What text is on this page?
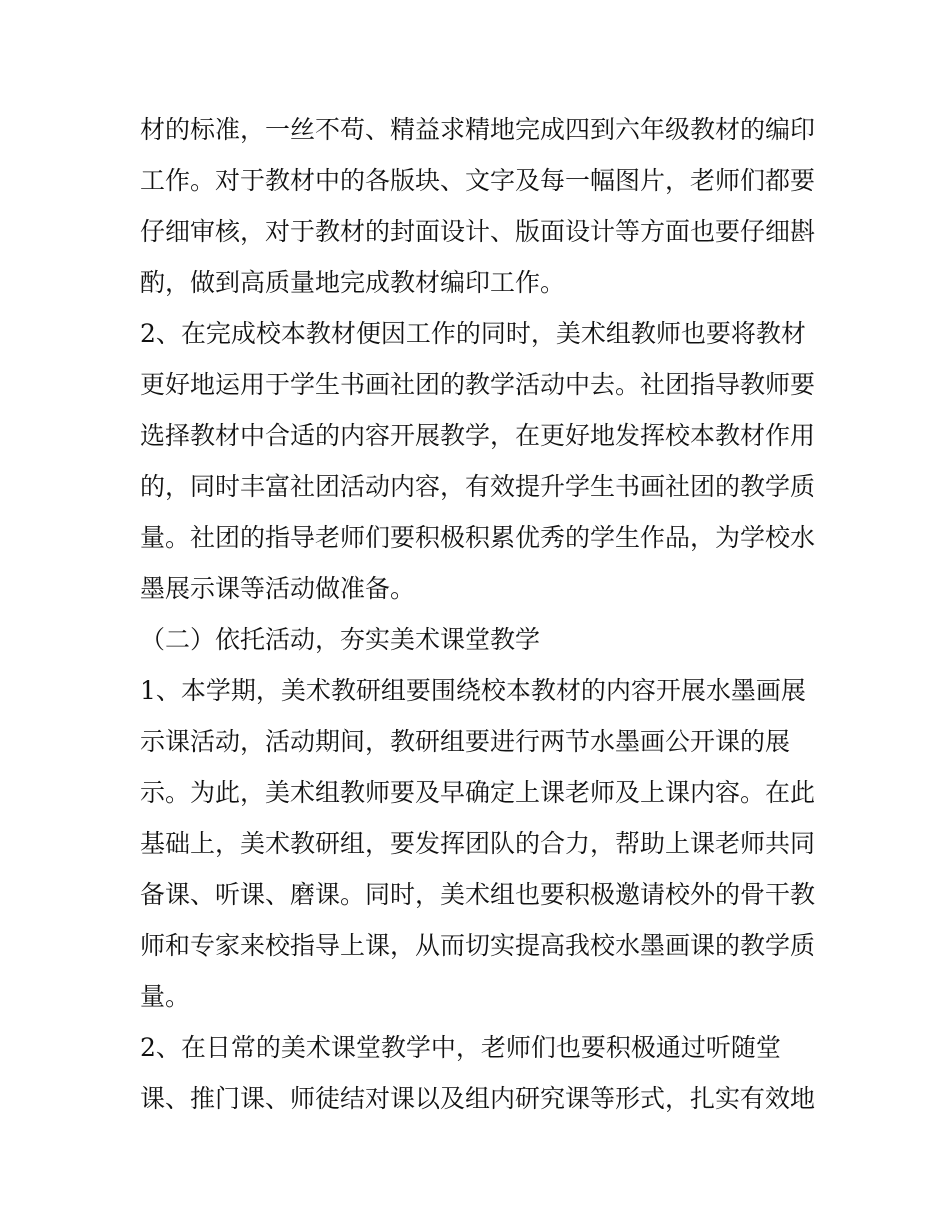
材的标准，一丝不苟、精益求精地完成四到六年级教材的编印
工作。对于教材中的各版块、文字及每一幅图片，老师们都要
仔细审核，对于教材的封面设计、版面设计等方面也要仔细斟
酌，做到高质量地完成教材编印工作。
2、在完成校本教材便因工作的同时，美术组教师也要将教材
更好地运用于学生书画社团的教学活动中去。社团指导教师要
选择教材中合适的内容开展教学，在更好地发挥校本教材作用
的，同时丰富社团活动内容，有效提升学生书画社团的教学质
量。社团的指导老师们要积极积累优秀的学生作品，为学校水
墨展示课等活动做准备。
（二）依托活动，夯实美术课堂教学
1、本学期，美术教研组要围绕校本教材的内容开展水墨画展
示课活动，活动期间，教研组要进行两节水墨画公开课的展
示。为此，美术组教师要及早确定上课老师及上课内容。在此
基础上，美术教研组，要发挥团队的合力，帮助上课老师共同
备课、听课、磨课。同时，美术组也要积极邀请校外的骨干教
师和专家来校指导上课，从而切实提高我校水墨画课的教学质
量。
2、在日常的美术课堂教学中，老师们也要积极通过听随堂
课、推门课、师徒结对课以及组内研究课等形式，扎实有效地
